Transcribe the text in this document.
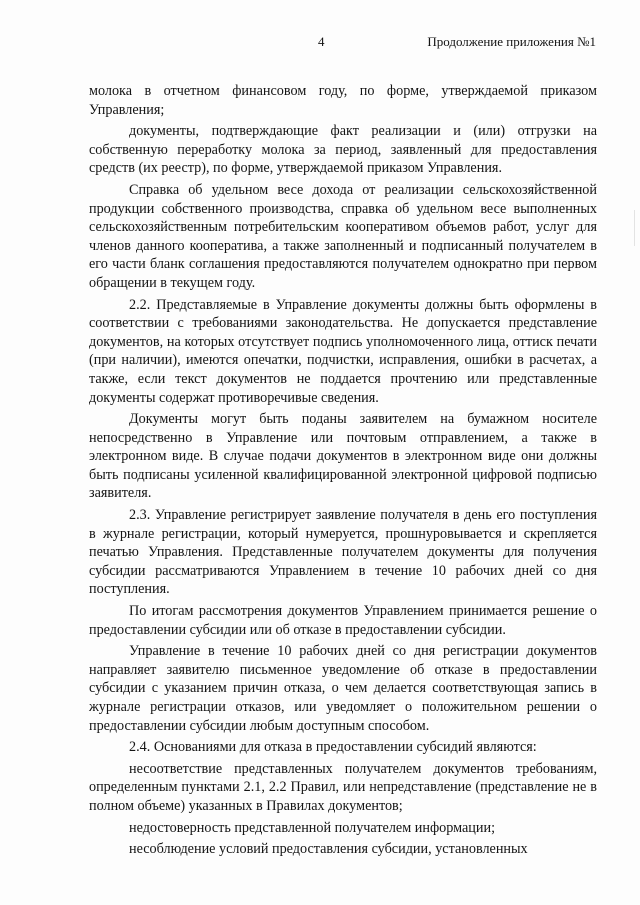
4	Продолжение приложения №1

молока в отчетном финансовом году, по форме, утверждаемой приказом Управления;

документы, подтверждающие факт реализации и (или) отгрузки на собственную переработку молока за период, заявленный для предоставления средств (их реестр), по форме, утверждаемой приказом Управления.

Справка об удельном весе дохода от реализации сельскохозяйственной продукции собственного производства, справка об удельном весе выполненных сельскохозяйственным потребительским кооперативом объемов работ, услуг для членов данного кооператива, а также заполненный и подписанный получателем в его части бланк соглашения предоставляются получателем однократно при первом обращении в текущем году.

2.2. Представляемые в Управление документы должны быть оформлены в соответствии с требованиями законодательства. Не допускается представление документов, на которых отсутствует подпись уполномоченного лица, оттиск печати (при наличии), имеются опечатки, подчистки, исправления, ошибки в расчетах, а также, если текст документов не поддается прочтению или представленные документы содержат противоречивые сведения.

Документы могут быть поданы заявителем на бумажном носителе непосредственно в Управление или почтовым отправлением, а также в электронном виде. В случае подачи документов в электронном виде они должны быть подписаны усиленной квалифицированной электронной цифровой подписью заявителя.

2.3. Управление регистрирует заявление получателя в день его поступления в журнале регистрации, который нумеруется, прошнуровывается и скрепляется печатью Управления. Представленные получателем документы для получения субсидии рассматриваются Управлением в течение 10 рабочих дней со дня поступления.

По итогам рассмотрения документов Управлением принимается решение о предоставлении субсидии или об отказе в предоставлении субсидии.

Управление в течение 10 рабочих дней со дня регистрации документов направляет заявителю письменное уведомление об отказе в предоставлении субсидии с указанием причин отказа, о чем делается соответствующая запись в журнале регистрации отказов, или уведомляет о положительном решении о предоставлении субсидии любым доступным способом.

2.4. Основаниями для отказа в предоставлении субсидий являются:

несоответствие представленных получателем документов требованиям, определенным пунктами 2.1, 2.2 Правил, или непредставление (представление не в полном объеме) указанных в Правилах документов;

недостоверность представленной получателем информации;

несоблюдение условий предоставления субсидии, установленных
